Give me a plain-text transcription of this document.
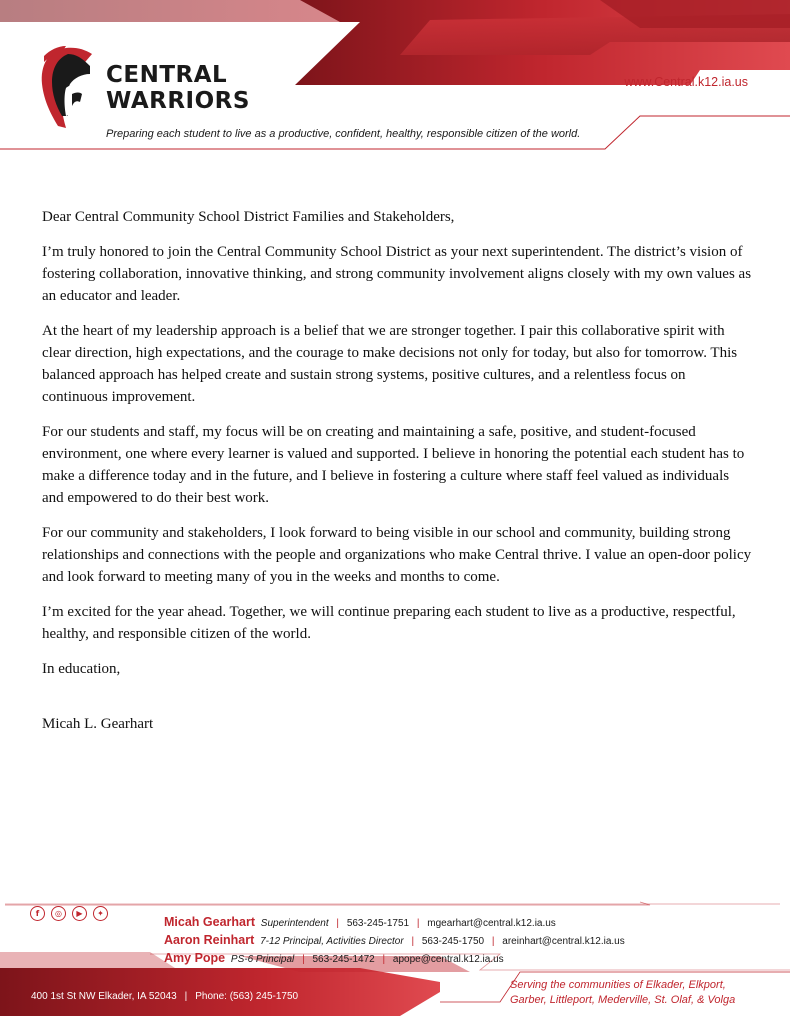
CENTRAL
WARRIORS
www.Central.k12.ia.us
Preparing each student to live as a productive, confident, healthy, responsible citizen of the world.

Dear Central Community School District Families and Stakeholders,

I’m truly honored to join the Central Community School District as your next superintendent. The district’s vision of fostering collaboration, innovative thinking, and strong community involvement aligns closely with my own values as an educator and leader.

At the heart of my leadership approach is a belief that we are stronger together. I pair this collaborative spirit with clear direction, high expectations, and the courage to make decisions not only for today, but also for tomorrow. This balanced approach has helped create and sustain strong systems, positive cultures, and a relentless focus on continuous improvement.

For our students and staff, my focus will be on creating and maintaining a safe, positive, and student-focused environment, one where every learner is valued and supported. I believe in honoring the potential each student has to make a difference today and in the future, and I believe in fostering a culture where staff feel valued as individuals and empowered to do their best work.

For our community and stakeholders, I look forward to being visible in our school and community, building strong relationships and connections with the people and organizations who make Central thrive. I value an open-door policy and look forward to meeting many of you in the weeks and months to come.

I’m excited for the year ahead. Together, we will continue preparing each student to live as a productive, respectful, healthy, and responsible citizen of the world.

In education,

Micah L. Gearhart

f	◎	▶	✦
Micah Gearhart Superintendent | 563-245-1751 | mgearhart@central.k12.ia.us
Aaron Reinhart 7-12 Principal, Activities Director | 563-245-1750 | areinhart@central.k12.ia.us
Amy Pope PS-6 Principal | 563-245-1472 | apope@central.k12.ia.us
400 1st St NW Elkader, IA 52043 | Phone: (563) 245-1750
Serving the communities of Elkader, Elkport,
Garber, Littleport, Mederville, St. Olaf, & Volga
